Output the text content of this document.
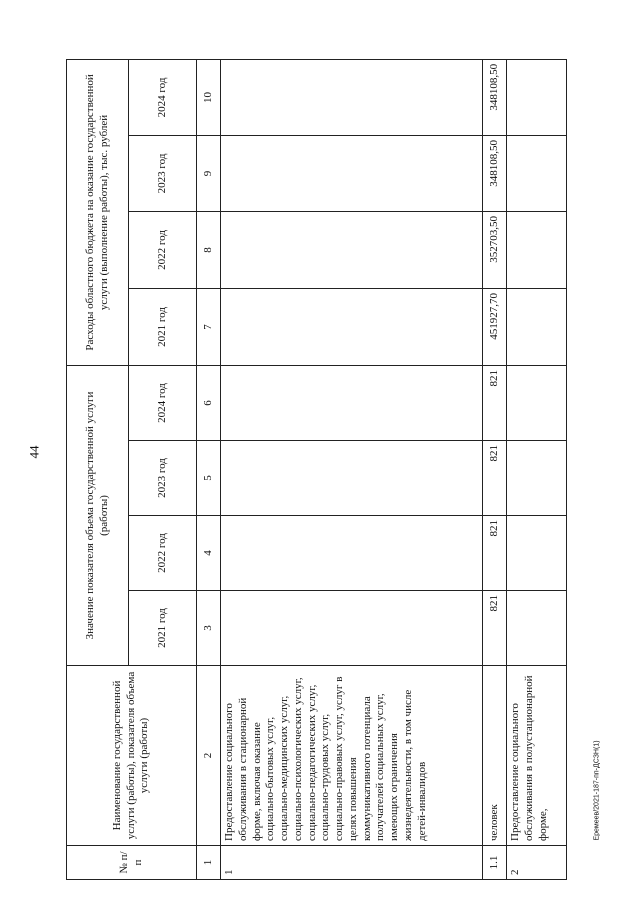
44
Еремеев/2021-187-пп-ДСЗН(1)
№ п/п	Наименование государственной услуги (работы), показателя объема услуги (работы)	Значение показателя объема государственной услуги (работы)				Расходы областного бюджета на оказание государственной услуги (выполнение работы), тыс. рублей			
		2021 год	2022 год	2023 год	2024 год	2021 год	2022 год	2023 год	2024 год
1	2	3	4	5	6	7	8	9	10
1	Предоставление социального обслуживания в стационарной форме, включая оказание социально-бытовых услуг, социально-медицинских услуг, социально-психологических услуг, социально-педагогических услуг, социально-трудовых услуг, социально-правовых услуг, услуг в целях повышения коммуникативного потенциала получателей социальных услуг, имеющих ограничения жизнедеятельности, в том числе детей-инвалидов								
1.1	человек	821	821	821	821	451927,70	352703,50	348108,50	348108,50
2	Предоставление социального обслуживания в полустационарной форме,								
